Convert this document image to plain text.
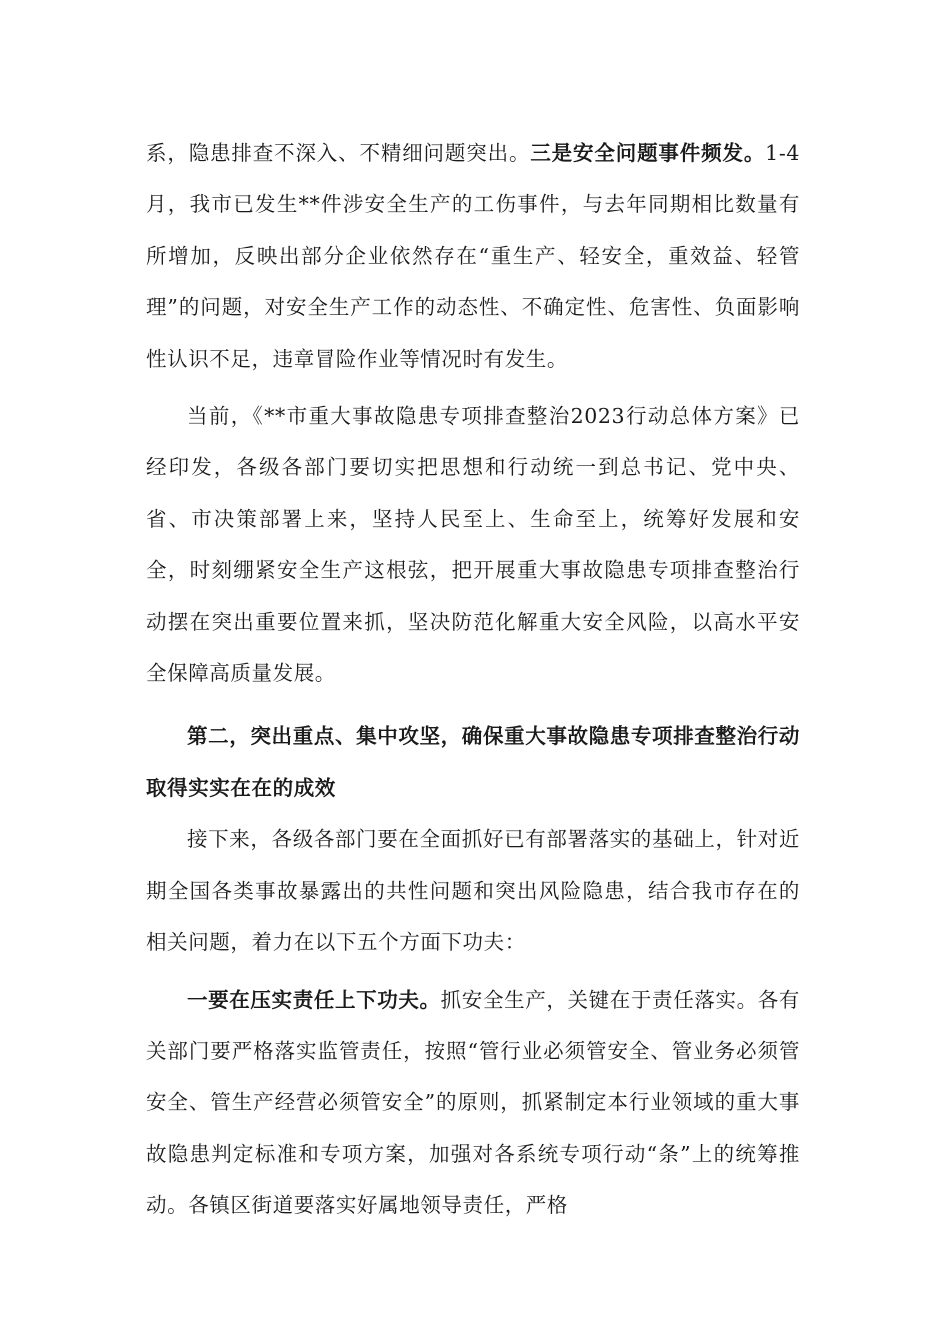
系，隐患排查不深入、不精细问题突出。三是安全问题事件频发。1-4月，我市已发生**件涉安全生产的工伤事件，与去年同期相比数量有所增加，反映出部分企业依然存在“重生产、轻安全，重效益、轻管理”的问题，对安全生产工作的动态性、不确定性、危害性、负面影响性认识不足，违章冒险作业等情况时有发生。

当前，《**市重大事故隐患专项排查整治2023行动总体方案》已经印发，各级各部门要切实把思想和行动统一到总书记、党中央、省、市决策部署上来，坚持人民至上、生命至上，统筹好发展和安全，时刻绷紧安全生产这根弦，把开展重大事故隐患专项排查整治行动摆在突出重要位置来抓，坚决防范化解重大安全风险，以高水平安全保障高质量发展。

第二，突出重点、集中攻坚，确保重大事故隐患专项排查整治行动取得实实在在的成效

接下来，各级各部门要在全面抓好已有部署落实的基础上，针对近期全国各类事故暴露出的共性问题和突出风险隐患，结合我市存在的相关问题，着力在以下五个方面下功夫：

一要在压实责任上下功夫。抓安全生产，关键在于责任落实。各有关部门要严格落实监管责任，按照“管行业必须管安全、管业务必须管安全、管生产经营必须管安全”的原则，抓紧制定本行业领域的重大事故隐患判定标准和专项方案，加强对各系统专项行动“条”上的统筹推动。各镇区街道要落实好属地领导责任，严格
